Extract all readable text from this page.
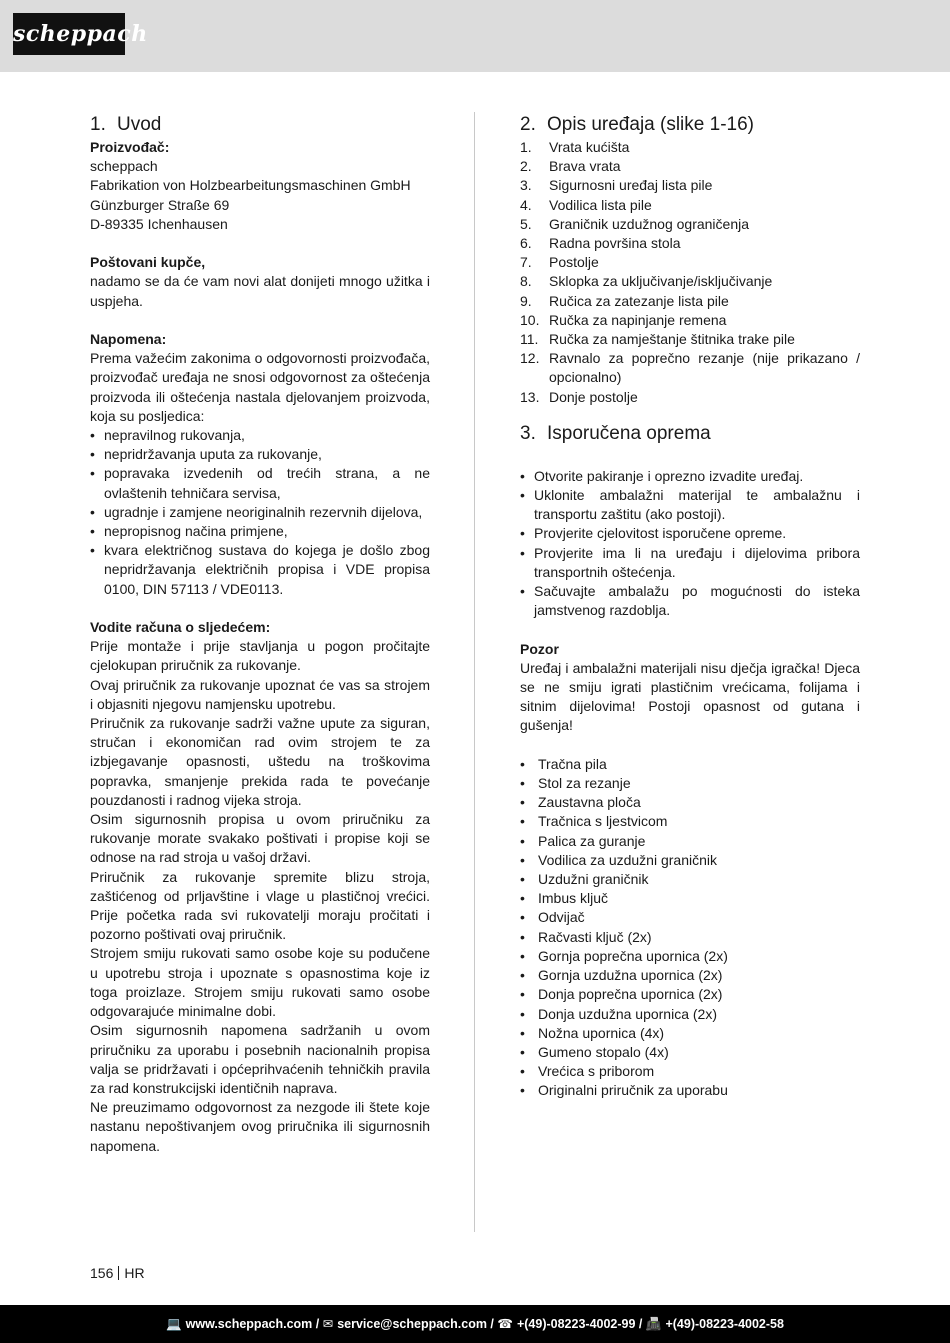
scheppach
1. Uvod
Proizvođač:
scheppach
Fabrikation von Holzbearbeitungsmaschinen GmbH
Günzburger Straße 69
D-89335 Ichenhausen
Poštovani kupče,

nadamo se da će vam novi alat donijeti mnogo užitka i uspjeha.

Napomena:

Prema važećim zakonima o odgovornosti proizvođača, proizvođač uređaja ne snosi odgovornost za oštećenja proizvoda ili oštećenja nastala djelovanjem proizvoda, koja su posljedica:

• nepravilnog rukovanja,
• nepridržavanja uputa za rukovanje,
• popravaka izvedenih od trećih strana, a ne ovlaštenih tehničara servisa,
• ugradnje i zamjene neoriginalnih rezervnih dijelova,
• nepropisnog načina primjene,
• kvara električnog sustava do kojega je došlo zbog nepridržavanja električnih propisa i VDE propisa 0100, DIN 57113 / VDE0113.
Vodite računa o sljedećem:

Prije montaže i prije stavljanja u pogon pročitajte cjelokupan priručnik za rukovanje.

Ovaj priručnik za rukovanje upoznat će vas sa strojem i objasniti njegovu namjensku upotrebu.

Priručnik za rukovanje sadrži važne upute za siguran, stručan i ekonomičan rad ovim strojem te za izbjegavanje opasnosti, uštedu na troškovima popravka, smanjenje prekida rada te povećanje pouzdanosti i radnog vijeka stroja.

Osim sigurnosnih propisa u ovom priručniku za rukovanje morate svakako poštivati i propise koji se odnose na rad stroja u vašoj državi.

Priručnik za rukovanje spremite blizu stroja, zaštićenog od prljavštine i vlage u plastičnoj vrećici. Prije početka rada svi rukovatelji moraju pročitati i pozorno poštivati ovaj priručnik.

Strojem smiju rukovati samo osobe koje su podučene u upotrebu stroja i upoznate s opasnostima koje iz toga proizlaze. Strojem smiju rukovati samo osobe odgovarajuće minimalne dobi.

Osim sigurnosnih napomena sadržanih u ovom priručniku za uporabu i posebnih nacionalnih propisa valja se pridržavati i općeprihvaćenih tehničkih pravila za rad konstrukcijski identičnih naprava.

Ne preuzimamo odgovornost za nezgode ili štete koje nastanu nepoštivanjem ovog priručnika ili sigurnosnih napomena.

2. Opis uređaja (slike 1-16)
1. Vrata kućišta
2. Brava vrata
3. Sigurnosni uređaj lista pile
4. Vodilica lista pile
5. Graničnik uzdužnog ograničenja
6. Radna površina stola
7. Postolje
8. Sklopka za uključivanje/isključivanje
9. Ručica za zatezanje lista pile
10. Ručka za napinjanje remena
11. Ručka za namještanje štitnika trake pile
12. Ravnalo za poprečno rezanje (nije prikazano / opcionalno)
13. Donje postolje
3. Isporučena oprema
• Otvorite pakiranje i oprezno izvadite uređaj.
• Uklonite ambalažni materijal te ambalažnu i transportu zaštitu (ako postoji).
• Provjerite cjelovitost isporučene opreme.
• Provjerite ima li na uređaju i dijelovima pribora transportnih oštećenja.
• Sačuvajte ambalažu po mogućnosti do isteka jamstvenog razdoblja.
Pozor

Uređaj i ambalažni materijali nisu dječja igračka! Djeca se ne smiju igrati plastičnim vrećicama, folijama i sitnim dijelovima! Postoji opasnost od gutana i gušenja!

• Tračna pila
• Stol za rezanje
• Zaustavna ploča
• Tračnica s ljestvicom
• Palica za guranje
• Vodilica za uzdužni graničnik
• Uzdužni graničnik
• Imbus ključ
• Odvijač
• Račvasti ključ (2x)
• Gornja poprečna upornica (2x)
• Gornja uzdužna upornica (2x)
• Donja poprečna upornica (2x)
• Donja uzdužna upornica (2x)
• Nožna upornica (4x)
• Gumeno stopalo (4x)
• Vrećica s priborom
• Originalni priručnik za uporabu
156 HR
💻 www.scheppach.com / ✉ service@scheppach.com / ☎ +(49)-08223-4002-99 / 📠 +(49)-08223-4002-58
